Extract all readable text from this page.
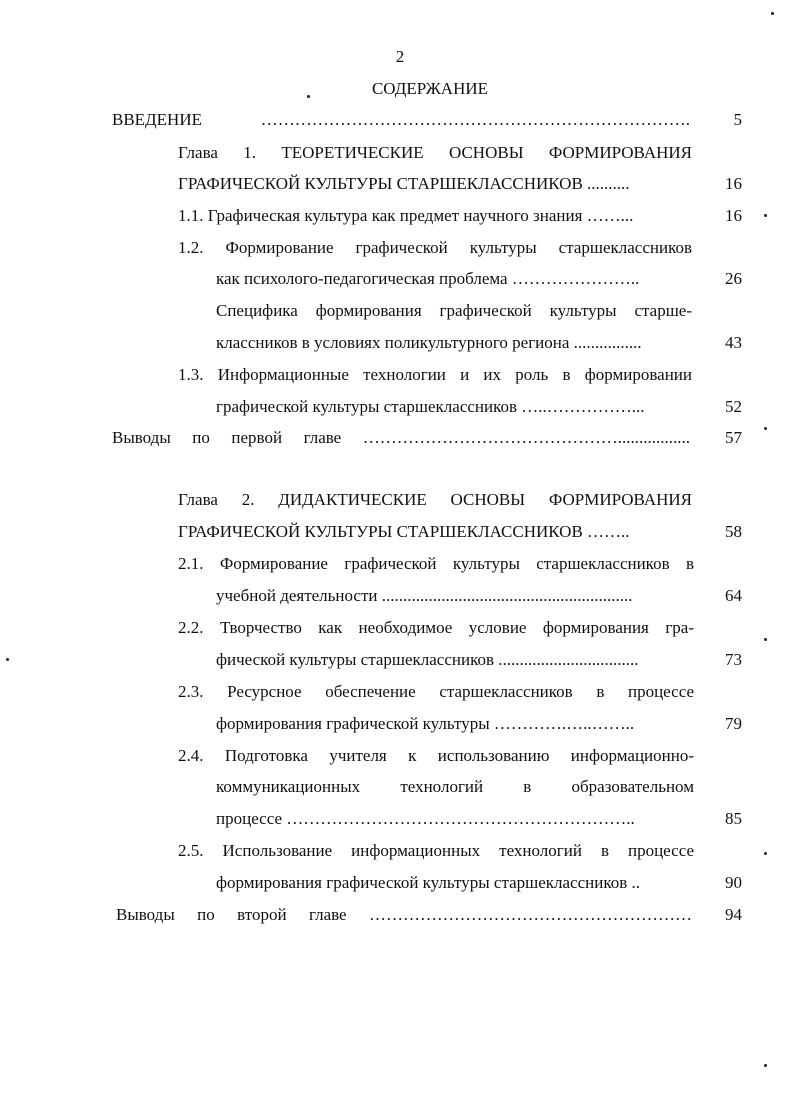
2
СОДЕРЖАНИЕ
ВВЕДЕНИЕ ………………………………………………………………….	5
Глава 1. ТЕОРЕТИЧЕСКИЕ ОСНОВЫ ФОРМИРОВАНИЯ
ГРАФИЧЕСКОЙ КУЛЬТУРЫ СТАРШЕКЛАССНИКОВ ..........	16
1.1. Графическая культура как предмет научного знания ……...	16
1.2. Формирование графической культуры старшеклассников
как психолого-педагогическая проблема …………………..	26
Специфика формирования графической культуры старше-
классников в условиях поликультурного региона ................	43
1.3. Информационные технологии и их роль в формировании
графической культуры старшеклассников …..……………...	52
Выводы по первой главе ……………………………………….................	57
Глава 2. ДИДАКТИЧЕСКИЕ ОСНОВЫ ФОРМИРОВАНИЯ
ГРАФИЧЕСКОЙ КУЛЬТУРЫ СТАРШЕКЛАССНИКОВ ……..	58
2.1. Формирование графической культуры старшеклассников в
учебной деятельности ...........................................................	64
2.2. Творчество как необходимое условие формирования гра-
фической культуры старшеклассников .................................	73
2.3. Ресурсное обеспечение старшеклассников в процессе
формирования графической культуры ………….…..……..	79
2.4. Подготовка учителя к использованию информационно-
коммуникационных технологий в образовательном
процессе ……………………………………………………..	85
2.5. Использование информационных технологий в процессе
формирования графической культуры старшеклассников ..	90
Выводы по второй главе …………………………………………………	94
